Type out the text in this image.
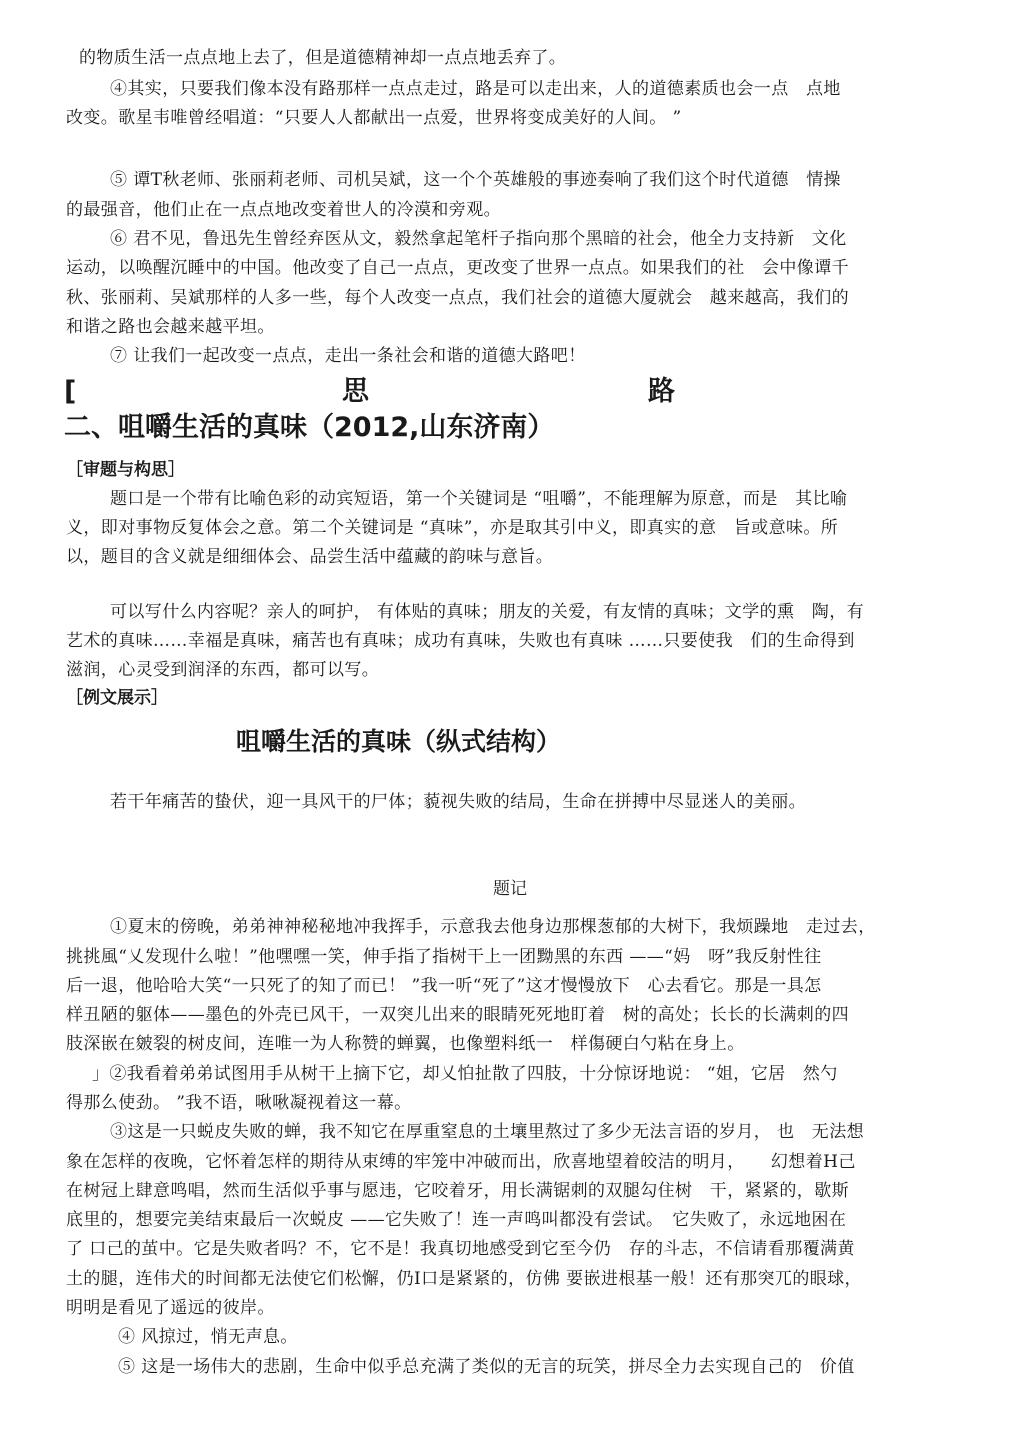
的物质生活一点点地上去了，但是道德精神却一点点地丢弃了。
④其实，只要我们像本没有路那样一点点走过，路是可以走出来，人的道德素质也会一点　点地
改变。歌星韦唯曾经唱道：“只要人人都献出一点爱，世界将变成美好的人间。 ”
⑤ 谭T秋老师、张丽莉老师、司机吴斌，这一个个英雄般的事迹奏响了我们这个时代道德　情操
的最强音，他们止在一点点地改变着世人的冷漠和旁观。
⑥ 君不见，鲁迅先生曾经弃医从文，毅然拿起笔杆子指向那个黑暗的社会，他全力支持新　文化
运动，以唤醒沉睡中的中国。他改变了自己一点点，更改变了世界一点点。如果我们的社　会中像谭千
秋、张丽莉、吴斌那样的人多一些，每个人改变一点点，我们社会的道德大厦就会　越来越高，我们的
和谐之路也会越来越平坦。
⑦ 让我们一起改变一点点，走出一条社会和谐的道德大路吧！
[	思	路
二、咀嚼生活的真味（2012,山东济南）
［审题与构思］
题口是一个带有比喻色彩的动宾短语，第一个关键词是 “咀嚼”，不能理解为原意，而是　其比喻
义，即对事物反复体会之意。第二个关键词是 “真味”，亦是取其引中义，即真实的意　旨或意味。所
以，题目的含义就是细细体会、品尝生活中蕴藏的韵味与意旨。
可以写什么内容呢？亲人的呵护， 有体贴的真味；朋友的关爱，有友情的真味；文学的熏　陶，有
艺术的真味……幸福是真味，痛苦也有真味；成功有真味，失败也有真味 ……只要使我　们的生命得到
滋润，心灵受到润泽的东西，都可以写。
［例文展示］
咀嚼生活的真味（纵式结构）
若干年痛苦的蛰伏，迎一具风干的尸体；藐视失败的结局，生命在拼搏中尽显迷人的美丽。
题记
①夏末的傍晚，弟弟神神秘秘地冲我挥手，示意我去他身边那棵葱郁的大树下，我烦躁地　走过去，
挑挑風“乂发现什么啦！”他嘿嘿一笑，伸手指了指树干上一团黝黑的东西 ——“妈　呀”我反射性往
后一退，他哈哈大笑“一只死了的知了而已！ ”我一听“死了”这才慢慢放下　心去看它。那是一具怎
样丑陋的躯体——墨色的外壳已风干，一双突儿出来的眼睛死死地盯着　树的高处；长长的长满刺的四
肢深嵌在皴裂的树皮间，连唯一为人称赞的蝉翼，也像塑料纸一　样傷硬白勺粘在身上。
」②我看着弟弟试图用手从树干上摘下它，却乂怕扯散了四肢，十分惊讶地说： “姐，它居　然勺
得那么使劲。 ”我不语，啾啾凝视着这一幕。
③这是一只蜕皮失败的蝉，我不知它在厚重窒息的土壤里熬过了多少无法言语的岁月， 也　无法想
象在怎样的夜晚，它怀着怎样的期待从束缚的牢笼中冲破而出，欣喜地望着皎洁的明月，　　幻想着H己
在树冠上肆意鸣唱，然而生活似乎事与愿违，它咬着牙，用长满锯刺的双腿勾住树　干，紧紧的，歇斯
底里的，想要完美结束最后一次蜕皮 ——它失败了！连一声鸣叫都没有尝试。　它失败了，永远地困在
了 口己的茧中。它是失败者吗？不，它不是！我真切地感受到它至今仍　存的斗志，不信请看那覆满黄
土的腿，连伟犬的时间都无法使它们松懈，仍I口是紧紧的，仿佛 要嵌进根基一般！还有那突兀的眼球，
明明是看见了遥远的彼岸。
④ 风掠过，悄无声息。
⑤ 这是一场伟大的悲剧，生命中似乎总充满了类似的无言的玩笑，拼尽全力去实现自己的　价值
